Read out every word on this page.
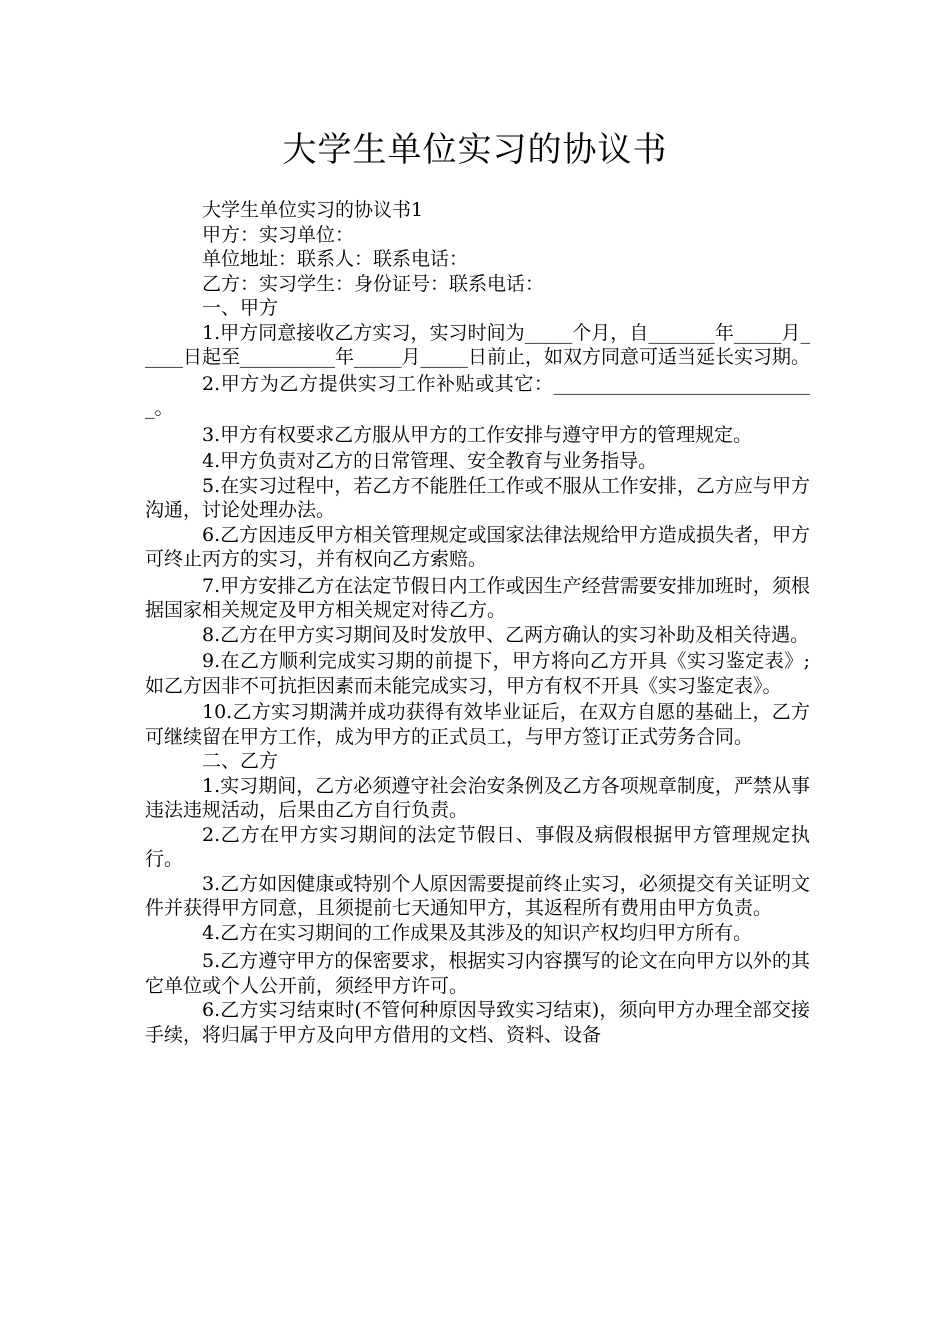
大学生单位实习的协议书

大学生单位实习的协议书1

甲方：实习单位：

单位地址：联系人：联系电话：

乙方：实习学生：身份证号：联系电话：

一、甲方

1.甲方同意接收乙方实习，实习时间为_____个月，自_______年_____月_____日起至__________年_____月_____日前止，如双方同意可适当延长实习期。

2.甲方为乙方提供实习工作补贴或其它：____________________________。

3.甲方有权要求乙方服从甲方的工作安排与遵守甲方的管理规定。

4.甲方负责对乙方的日常管理、安全教育与业务指导。

5.在实习过程中，若乙方不能胜任工作或不服从工作安排，乙方应与甲方沟通，讨论处理办法。

6.乙方因违反甲方相关管理规定或国家法律法规给甲方造成损失者，甲方可终止丙方的实习，并有权向乙方索赔。

7.甲方安排乙方在法定节假日内工作或因生产经营需要安排加班时，须根据国家相关规定及甲方相关规定对待乙方。

8.乙方在甲方实习期间及时发放甲、乙两方确认的实习补助及相关待遇。

9.在乙方顺利完成实习期的前提下，甲方将向乙方开具《实习鉴定表》;如乙方因非不可抗拒因素而未能完成实习，甲方有权不开具《实习鉴定表》。

10.乙方实习期满并成功获得有效毕业证后，在双方自愿的基础上，乙方可继续留在甲方工作，成为甲方的正式员工，与甲方签订正式劳务合同。

二、乙方

1.实习期间，乙方必须遵守社会治安条例及乙方各项规章制度，严禁从事违法违规活动，后果由乙方自行负责。

2.乙方在甲方实习期间的法定节假日、事假及病假根据甲方管理规定执行。

3.乙方如因健康或特别个人原因需要提前终止实习，必须提交有关证明文件并获得甲方同意，且须提前七天通知甲方，其返程所有费用由甲方负责。

4.乙方在实习期间的工作成果及其涉及的知识产权均归甲方所有。

5.乙方遵守甲方的保密要求，根据实习内容撰写的论文在向甲方以外的其它单位或个人公开前，须经甲方许可。

6.乙方实习结束时(不管何种原因导致实习结束)，须向甲方办理全部交接手续，将归属于甲方及向甲方借用的文档、资料、设备
